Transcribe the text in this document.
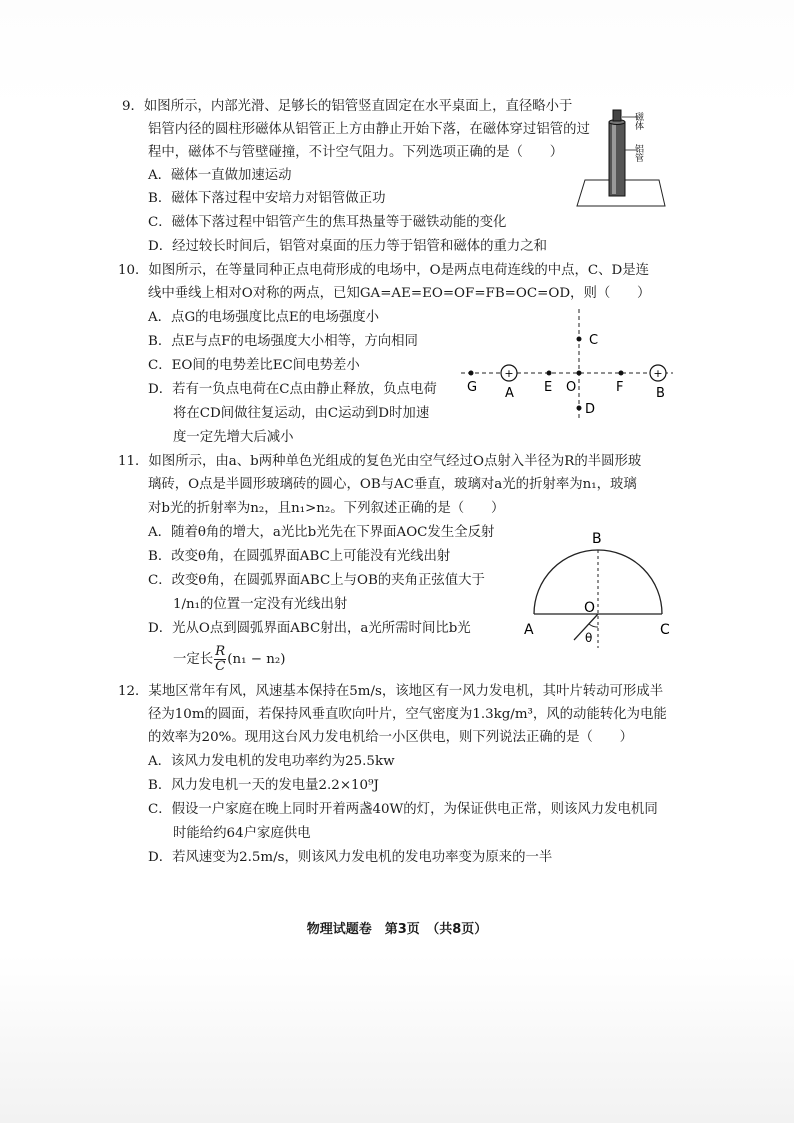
9．如图所示，内部光滑、足够长的铝管竖直固定在水平桌面上，直径略小于
铝管内径的圆柱形磁体从铝管正上方由静止开始下落，在磁体穿过铝管的过
程中，磁体不与管壁碰撞，不计空气阻力。下列选项正确的是（　　）
A．磁体一直做加速运动
B．磁体下落过程中安培力对铝管做正功
C．磁体下落过程中铝管产生的焦耳热量等于磁铁动能的变化
D．经过较长时间后，铝管对桌面的压力等于铝管和磁体的重力之和
磁体
铝管
10．如图所示，在等量同种正点电荷形成的电场中，O是两点电荷连线的中点，C、D是连
线中垂线上相对O对称的两点，已知GA=AE=EO=OF=FB=OC=OD，则（　　）
A．点G的电场强度比点E的电场强度小
B．点E与点F的电场强度大小相等，方向相同
C．EO间的电势差比EC间电势差小
D．若有一负点电荷在C点由静止释放，负点电荷
将在CD间做往复运动，由C运动到D时加速
度一定先增大后减小
+	+
G A E O	F	B
C
D
11．如图所示，由a、b两种单色光组成的复色光由空气经过O点射入半径为R的半圆形玻
璃砖，O点是半圆形玻璃砖的圆心，OB与AC垂直，玻璃对a光的折射率为n₁，玻璃
对b光的折射率为n₂，且n₁>n₂。下列叙述正确的是（　　）
A．随着θ角的增大，a光比b光先在下界面AOC发生全反射
B．改变θ角，在圆弧界面ABC上可能没有光线出射
C．改变θ角，在圆弧界面ABC上与OB的夹角正弦值大于
1/n₁的位置一定没有光线出射
D．光从O点到圆弧界面ABC射出，a光所需时间比b光
一定长 $\frac{R}{C} (n_1 - n_2)$
B
O
A	C
θ
12．某地区常年有风，风速基本保持在5m/s，该地区有一风力发电机，其叶片转动可形成半
径为10m的圆面，若保持风垂直吹向叶片，空气密度为1.3kg/m³，风的动能转化为电能
的效率为20%。现用这台风力发电机给一小区供电，则下列说法正确的是（　　）
A．该风力发电机的发电功率约为25.5kw
B．风力发电机一天的发电量2.2×10⁹J
C．假设一户家庭在晚上同时开着两盏40W的灯，为保证供电正常，则该风力发电机同
时能给约64户家庭供电
D．若风速变为2.5m/s，则该风力发电机的发电功率变为原来的一半
物理试题卷　第3页　（共8页）
